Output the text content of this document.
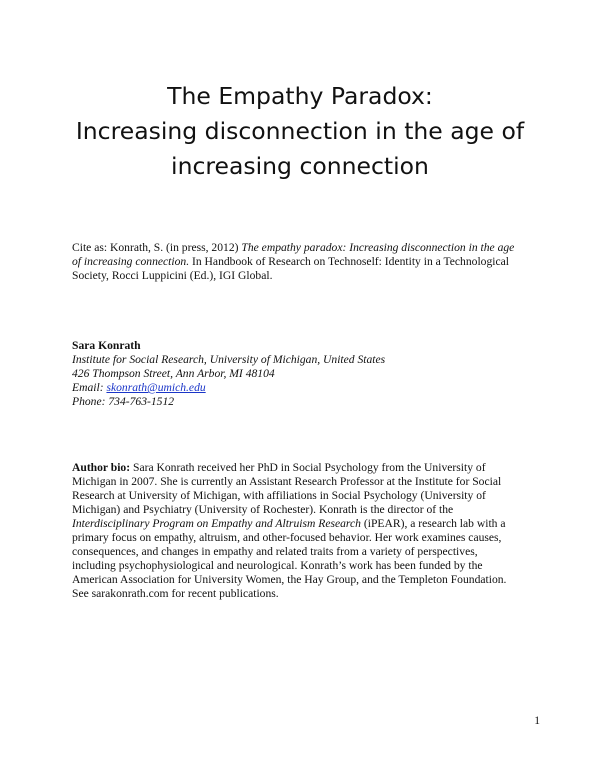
The Empathy Paradox:
Increasing disconnection in the age of
increasing connection
Cite as: Konrath, S. (in press, 2012) The empathy paradox: Increasing disconnection in the age
of increasing connection. In Handbook of Research on Technoself: Identity in a Technological
Society, Rocci Luppicini (Ed.), IGI Global.
Sara Konrath
Institute for Social Research, University of Michigan, United States
426 Thompson Street, Ann Arbor, MI 48104
Email: skonrath@umich.edu
Phone: 734-763-1512
Author bio: Sara Konrath received her PhD in Social Psychology from the University of
Michigan in 2007. She is currently an Assistant Research Professor at the Institute for Social
Research at University of Michigan, with affiliations in Social Psychology (University of
Michigan) and Psychiatry (University of Rochester). Konrath is the director of the
Interdisciplinary Program on Empathy and Altruism Research (iPEAR), a research lab with a
primary focus on empathy, altruism, and other-focused behavior. Her work examines causes,
consequences, and changes in empathy and related traits from a variety of perspectives,
including psychophysiological and neurological. Konrath’s work has been funded by the
American Association for University Women, the Hay Group, and the Templeton Foundation.
See sarakonrath.com for recent publications.
1
